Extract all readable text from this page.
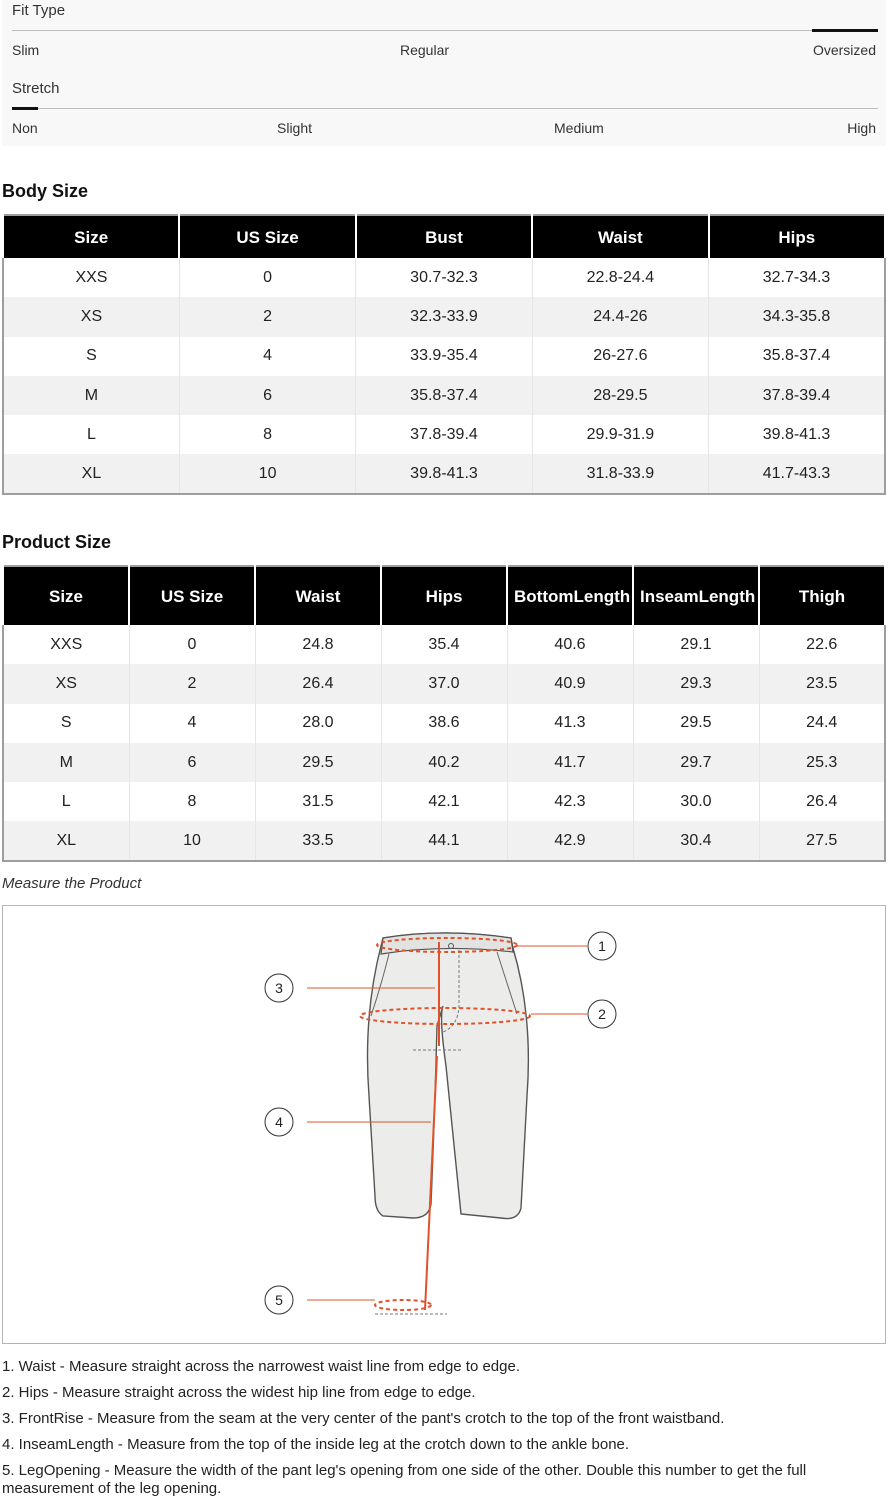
Fit Type
Slim	Regular	Oversized
Stretch
Non	Slight	Medium	High
Body Size
Size	US Size	Bust	Waist	Hips
XXS	0	30.7-32.3	22.8-24.4	32.7-34.3
XS	2	32.3-33.9	24.4-26	34.3-35.8
S	4	33.9-35.4	26-27.6	35.8-37.4
M	6	35.8-37.4	28-29.5	37.8-39.4
L	8	37.8-39.4	29.9-31.9	39.8-41.3
XL	10	39.8-41.3	31.8-33.9	41.7-43.3
Product Size
Size	US Size	Waist	Hips	BottomLength	InseamLength	Thigh
XXS	0	24.8	35.4	40.6	29.1	22.6
XS	2	26.4	37.0	40.9	29.3	23.5
S	4	28.0	38.6	41.3	29.5	24.4
M	6	29.5	40.2	41.7	29.7	25.3
L	8	31.5	42.1	42.3	30.0	26.4
XL	10	33.5	44.1	42.9	30.4	27.5
Measure the Product
1
2
3
4
5

1. Waist - Measure straight across the narrowest waist line from edge to edge.

2. Hips - Measure straight across the widest hip line from edge to edge.

3. FrontRise - Measure from the seam at the very center of the pant's crotch to the top of the front waistband.

4. InseamLength - Measure from the top of the inside leg at the crotch down to the ankle bone.

5. LegOpening - Measure the width of the pant leg's opening from one side of the other. Double this number to get the full measurement of the leg opening.
